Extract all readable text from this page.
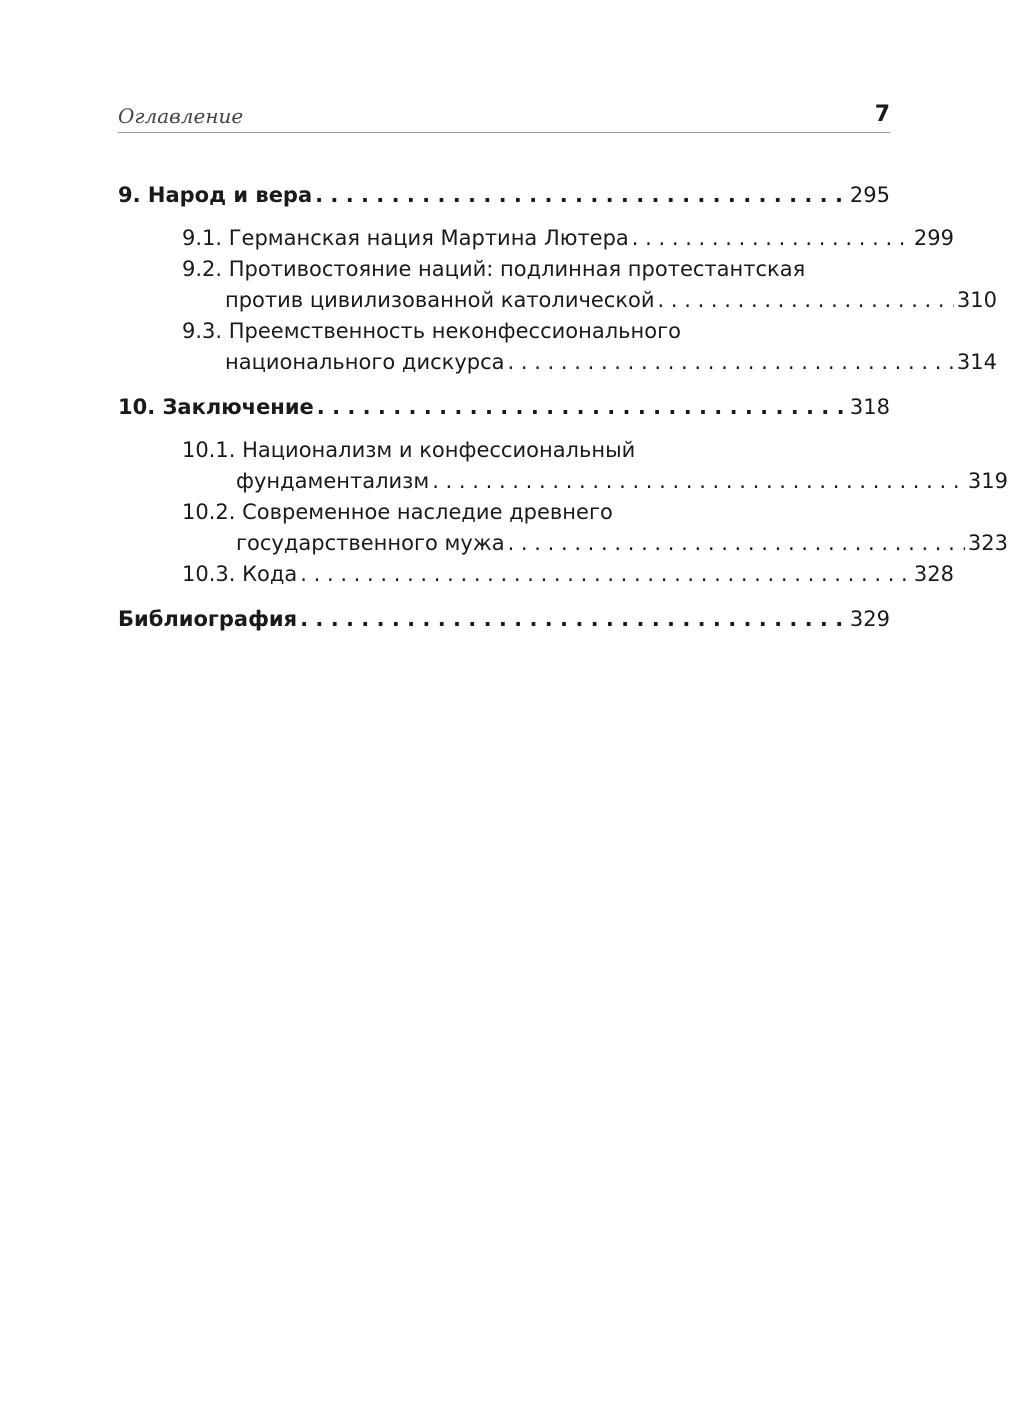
Оглавление	7
9. Народ и вера . . .	295
9.1. Германская нация Мартина Лютера . . .	299
9.2. Противостояние наций: подлинная протестантская
против цивилизованной католической . . .	310
9.3. Преемственность неконфессионального
национального дискурса . . .	314
10. Заключение . . .	318
10.1. Национализм и конфессиональный
фундаментализм . . .	319
10.2. Современное наследие древнего
государственного мужа . . .	323
10.3. Кода . . .	328
Библиография . . .	329
